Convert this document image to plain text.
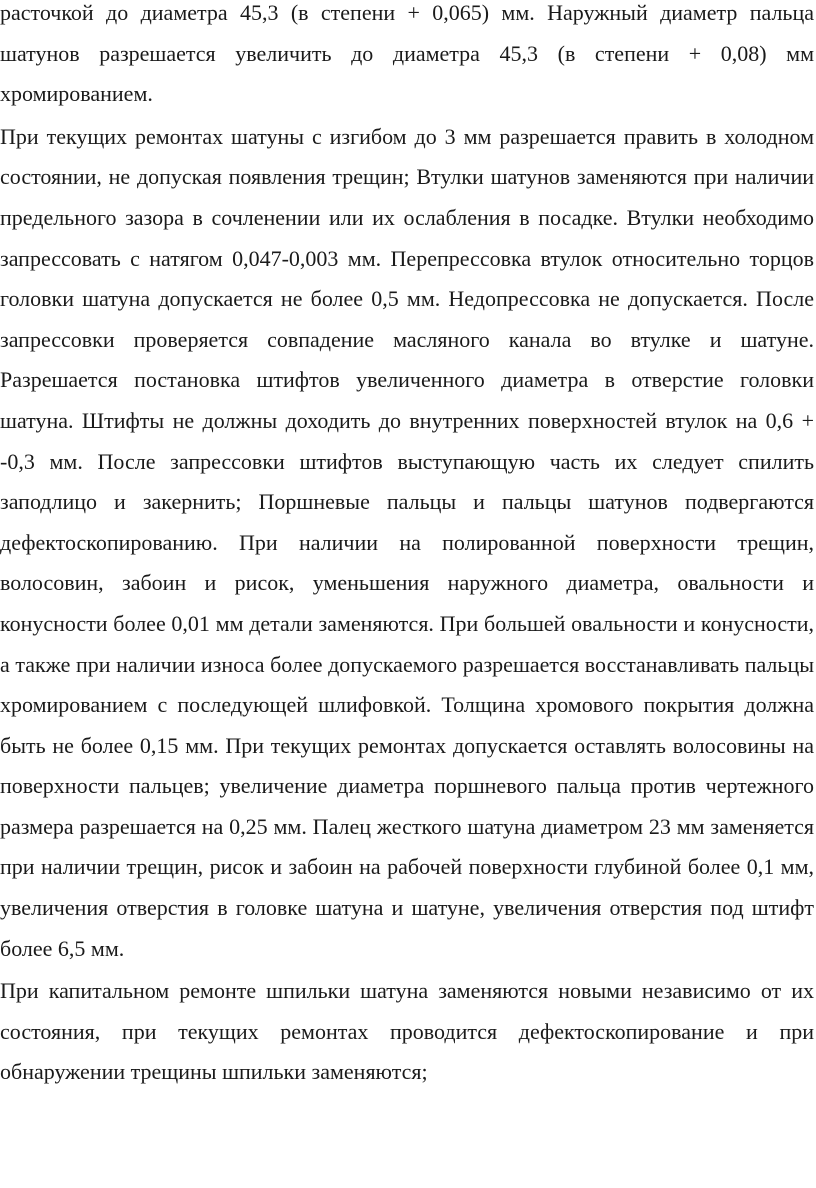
расточкой до диаметра 45,3 (в степени + 0,065) мм. Наружный диаметр пальца шатунов разрешается увеличить до диаметра 45,3 (в степени + 0,08) мм хромированием.

При текущих ремонтах шатуны с изгибом до 3 мм разрешается править в холодном состоянии, не допуская появления трещин; Втулки шатунов заменяются при наличии предельного зазора в сочленении или их ослабления в посадке. Втулки необходимо запрессовать с натягом 0,047-0,003 мм. Перепрессовка втулок относительно торцов головки шатуна допускается не более 0,5 мм. Недопрессовка не допускается. После запрессовки проверяется совпадение масляного канала во втулке и шатуне. Разрешается постановка штифтов увеличенного диаметра в отверстие головки шатуна. Штифты не должны доходить до внутренних поверхностей втулок на 0,6 + -0,3 мм. После запрессовки штифтов выступающую часть их следует спилить заподлицо и закернить; Поршневые пальцы и пальцы шатунов подвергаются дефектоскопированию. При наличии на полированной поверхности трещин, волосовин, забоин и рисок, уменьшения наружного диаметра, овальности и конусности более 0,01 мм детали заменяются. При большей овальности и конусности, а также при наличии износа более допускаемого разрешается восстанавливать пальцы хромированием с последующей шлифовкой. Толщина хромового покрытия должна быть не более 0,15 мм. При текущих ремонтах допускается оставлять волосовины на поверхности пальцев; увеличение диаметра поршневого пальца против чертежного размера разрешается на 0,25 мм. Палец жесткого шатуна диаметром 23 мм заменяется при наличии трещин, рисок и забоин на рабочей поверхности глубиной более 0,1 мм, увеличения отверстия в головке шатуна и шатуне, увеличения отверстия под штифт более 6,5 мм.

При капитальном ремонте шпильки шатуна заменяются новыми независимо от их состояния, при текущих ремонтах проводится дефектоскопирование и при обнаружении трещины шпильки заменяются;
